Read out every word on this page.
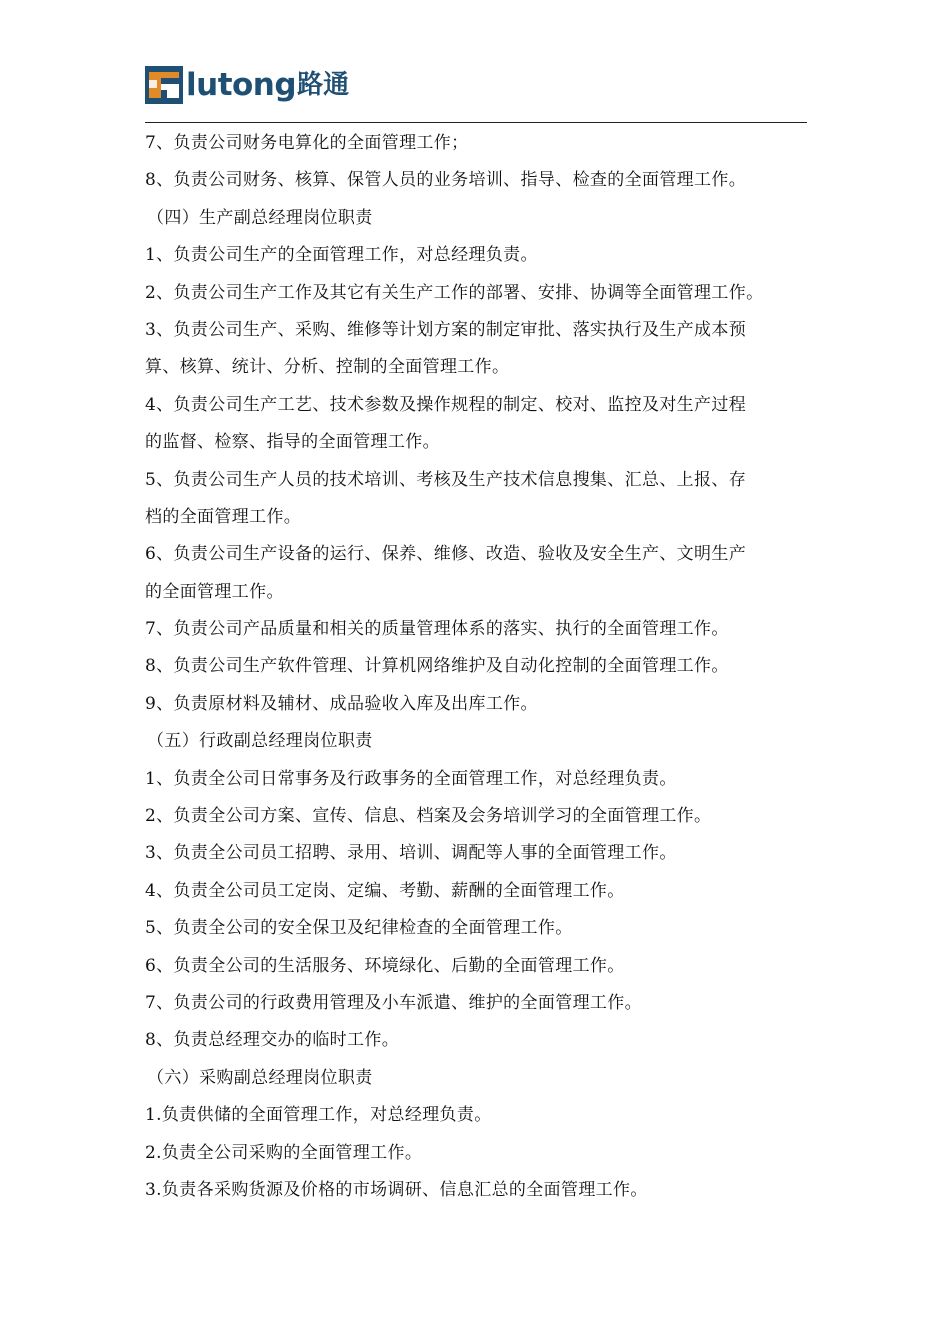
lutong 路通
7、负责公司财务电算化的全面管理工作；
8、负责公司财务、核算、保管人员的业务培训、指导、检查的全面管理工作。
（四）生产副总经理岗位职责
1、负责公司生产的全面管理工作，对总经理负责。
2、负责公司生产工作及其它有关生产工作的部署、安排、协调等全面管理工作。
3、负责公司生产、采购、维修等计划方案的制定审批、落实执行及生产成本预
算、核算、统计、分析、控制的全面管理工作。
4、负责公司生产工艺、技术参数及操作规程的制定、校对、监控及对生产过程
的监督、检察、指导的全面管理工作。
5、负责公司生产人员的技术培训、考核及生产技术信息搜集、汇总、上报、存
档的全面管理工作。
6、负责公司生产设备的运行、保养、维修、改造、验收及安全生产、文明生产
的全面管理工作。
7、负责公司产品质量和相关的质量管理体系的落实、执行的全面管理工作。
8、负责公司生产软件管理、计算机网络维护及自动化控制的全面管理工作。
9、负责原材料及辅材、成品验收入库及出库工作。
（五）行政副总经理岗位职责
1、负责全公司日常事务及行政事务的全面管理工作，对总经理负责。
2、负责全公司方案、宣传、信息、档案及会务培训学习的全面管理工作。
3、负责全公司员工招聘、录用、培训、调配等人事的全面管理工作。
4、负责全公司员工定岗、定编、考勤、薪酬的全面管理工作。
5、负责全公司的安全保卫及纪律检查的全面管理工作。
6、负责全公司的生活服务、环境绿化、后勤的全面管理工作。
7、负责公司的行政费用管理及小车派遣、维护的全面管理工作。
8、负责总经理交办的临时工作。
（六）采购副总经理岗位职责
1.负责供储的全面管理工作，对总经理负责。
2.负责全公司采购的全面管理工作。
3.负责各采购货源及价格的市场调研、信息汇总的全面管理工作。
